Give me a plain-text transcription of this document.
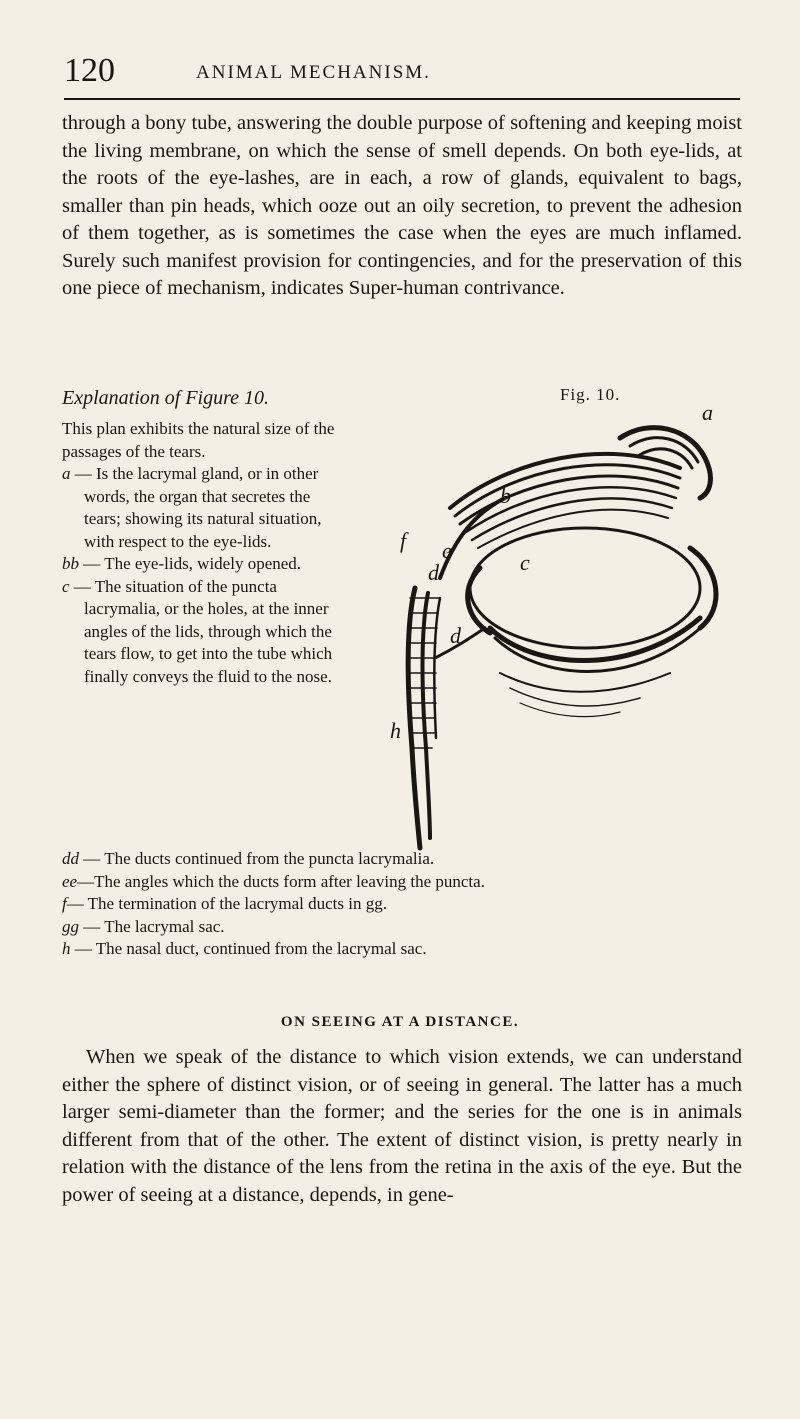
120	ANIMAL MECHANISM.
through a bony tube, answering the double purpose of softening and keeping moist the living membrane, on which the sense of smell depends. On both eye-lids, at the roots of the eye-lashes, are in each, a row of glands, equivalent to bags, smaller than pin heads, which ooze out an oily secretion, to prevent the adhesion of them together, as is sometimes the case when the eyes are much inflamed. Surely such manifest provision for contingencies, and for the preservation of this one piece of mechanism, indicates Super-human contrivance.
Explanation of Figure 10.	Fig. 10.
This plan exhibits the natural size of the passages of the tears.
a — Is the lacrymal gland, or in other words, the organ that secretes the tears; showing its natural situation, with respect to the eye-lids.
bb — The eye-lids, widely opened.
c — The situation of the puncta lacrymalia, or the holes, at the inner angles of the lids, through which the tears flow, to get into the tube which finally conveys the fluid to the nose.
a
b
c
d
d
e
f
h
dd — The ducts continued from the puncta lacrymalia.
ee—The angles which the ducts form after leaving the puncta.
f— The termination of the lacrymal ducts in gg.
gg — The lacrymal sac.
h — The nasal duct, continued from the lacrymal sac.
ON SEEING AT A DISTANCE.
When we speak of the distance to which vision extends, we can understand either the sphere of distinct vision, or of seeing in general. The latter has a much larger semi-diameter than the former; and the series for the one is in animals different from that of the other. The extent of distinct vision, is pretty nearly in relation with the distance of the lens from the retina in the axis of the eye. But the power of seeing at a distance, depends, in gene-
